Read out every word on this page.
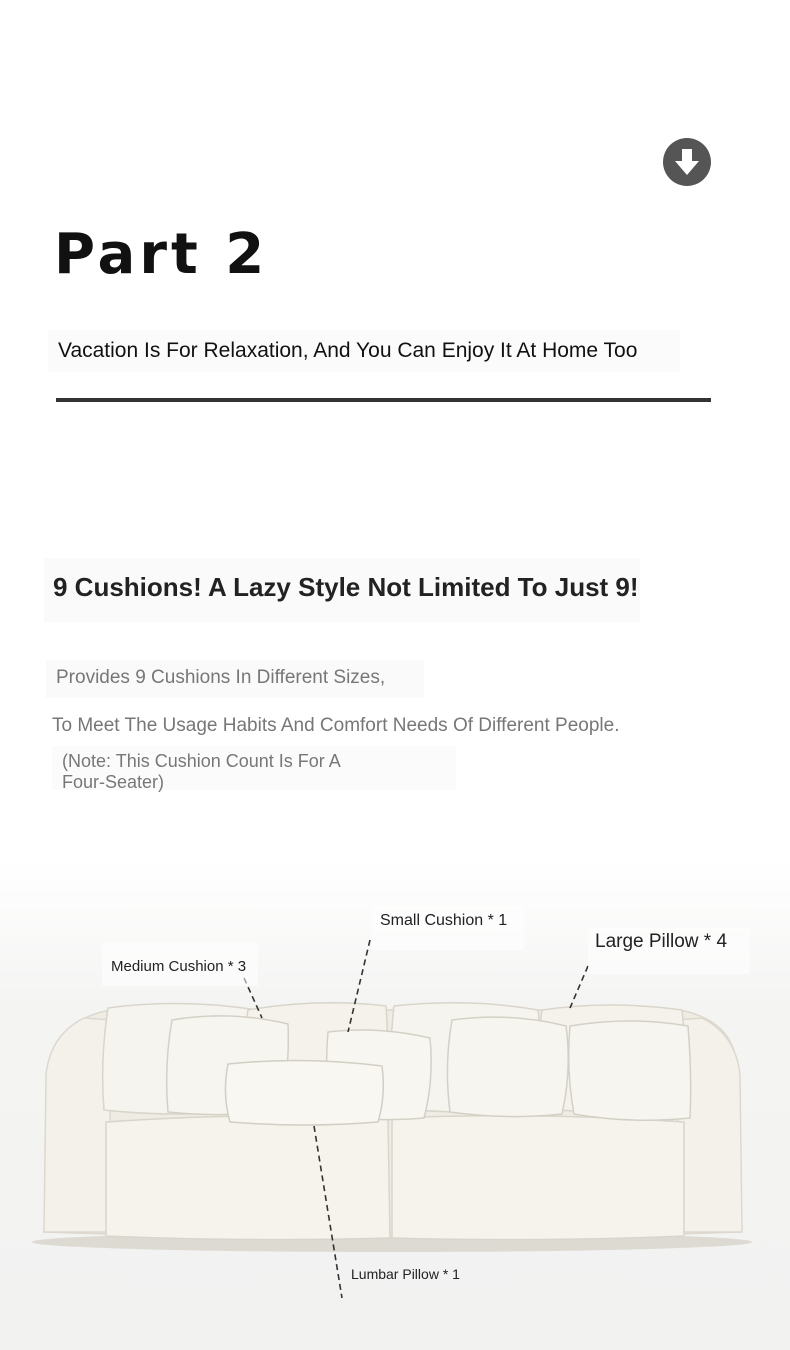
Part 2
Vacation Is For Relaxation, And You Can Enjoy It At Home Too
9 Cushions! A Lazy Style Not Limited To Just 9!
Provides 9 Cushions In Different Sizes,
To Meet The Usage Habits And Comfort Needs Of Different People.
(Note: This Cushion Count Is For A Four-Seater)
Small Cushion * 1
Large Pillow * 4
Medium Cushion * 3
Lumbar Pillow * 1
